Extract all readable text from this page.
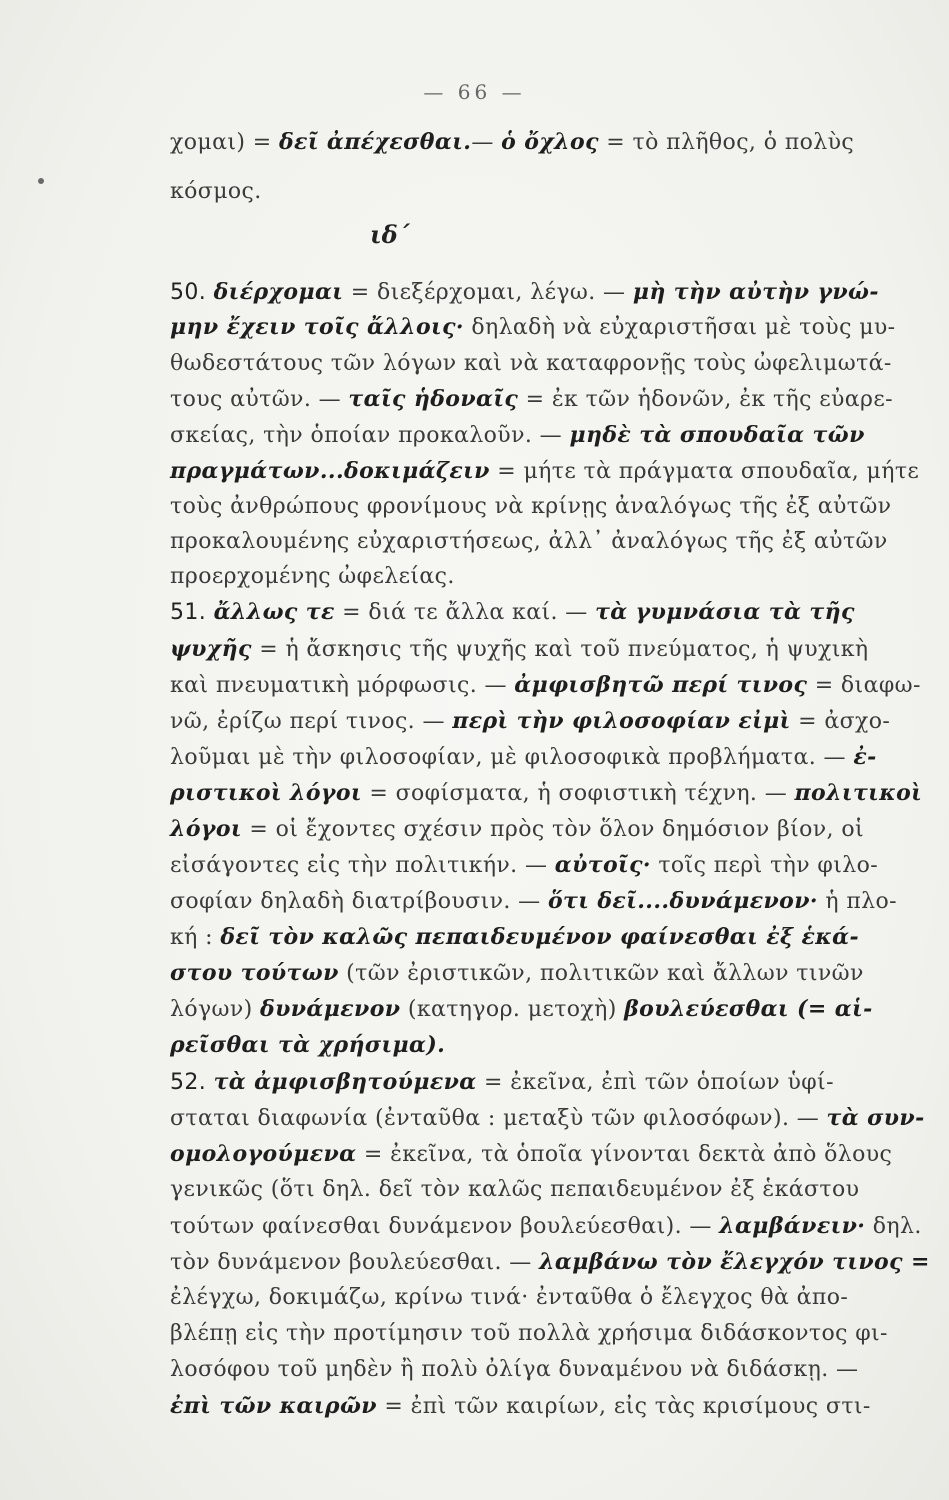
— 66 —
ιδ΄
χομαι) = δεῖ ἀπέχεσθαι.— ὁ ὄχλος = τὸ πλῆθος, ὁ πολὺς
κόσμος.
50. διέρχομαι = διεξέρχομαι, λέγω. — μὴ τὴν αὐτὴν γνώ-
μην ἔχειν τοῖς ἄλλοις· δηλαδὴ νὰ εὐχαριστῆσαι μὲ τοὺς μυ-
θωδεστάτους τῶν λόγων καὶ νὰ καταφρονῇς τοὺς ὠφελιμωτά-
τους αὐτῶν. — ταῖς ἡδοναῖς = ἐκ τῶν ἡδονῶν, ἐκ τῆς εὐαρε-
σκείας, τὴν ὁποίαν προκαλοῦν. — μηδὲ τὰ σπουδαῖα τῶν
πραγμάτων...δοκιμάζειν = μήτε τὰ πράγματα σπουδαῖα, μήτε
τοὺς ἀνθρώπους φρονίμους νὰ κρίνῃς ἀναλόγως τῆς ἐξ αὐτῶν
προκαλουμένης εὐχαριστήσεως, ἀλλ᾿ ἀναλόγως τῆς ἐξ αὐτῶν
προερχομένης ὠφελείας.
51. ἄλλως τε = διά τε ἄλλα καί. — τὰ γυμνάσια τὰ τῆς
ψυχῆς = ἡ ἄσκησις τῆς ψυχῆς καὶ τοῦ πνεύματος, ἡ ψυχικὴ
καὶ πνευματικὴ μόρφωσις. — ἀμφισβητῶ περί τινος = διαφω-
νῶ, ἐρίζω περί τινος. — περὶ τὴν φιλοσοφίαν εἰμὶ = ἀσχο-
λοῦμαι μὲ τὴν φιλοσοφίαν, μὲ φιλοσοφικὰ προβλήματα. — ἐ-
ριστικοὶ λόγοι = σοφίσματα, ἡ σοφιστικὴ τέχνη. — πολιτικοὶ
λόγοι = οἱ ἔχοντες σχέσιν πρὸς τὸν ὅλον δημόσιον βίον, οἱ
εἰσάγοντες εἰς τὴν πολιτικήν. — αὐτοῖς· τοῖς περὶ τὴν φιλο-
σοφίαν δηλαδὴ διατρίβουσιν. — ὅτι δεῖ....δυνάμενον· ἡ πλο-
κή : δεῖ τὸν καλῶς πεπαιδευμένον φαίνεσθαι ἐξ ἑκά-
στου τούτων (τῶν ἐριστικῶν, πολιτικῶν καὶ ἄλλων τινῶν
λόγων) δυνάμενον (κατηγορ. μετοχὴ) βουλεύεσθαι (= αἱ-
ρεῖσθαι τὰ χρήσιμα).
52. τὰ ἀμφισβητούμενα = ἐκεῖνα, ἐπὶ τῶν ὁποίων ὑφί-
σταται διαφωνία (ἐνταῦθα : μεταξὺ τῶν φιλοσόφων). — τὰ συν-
ομολογούμενα = ἐκεῖνα, τὰ ὁποῖα γίνονται δεκτὰ ἀπὸ ὅλους
γενικῶς (ὅτι δηλ. δεῖ τὸν καλῶς πεπαιδευμένον ἐξ ἑκάστου
τούτων φαίνεσθαι δυνάμενον βουλεύεσθαι). — λαμβάνειν· δηλ.
τὸν δυνάμενον βουλεύεσθαι. — λαμβάνω τὸν ἔλεγχόν τινος =
ἐλέγχω, δοκιμάζω, κρίνω τινά· ἐνταῦθα ὁ ἔλεγχος θὰ ἀπο-
βλέπῃ εἰς τὴν προτίμησιν τοῦ πολλὰ χρήσιμα διδάσκοντος φι-
λοσόφου τοῦ μηδὲν ἢ πολὺ ὀλίγα δυναμένου νὰ διδάσκῃ. —
ἐπὶ τῶν καιρῶν = ἐπὶ τῶν καιρίων, εἰς τὰς κρισίμους στι-
